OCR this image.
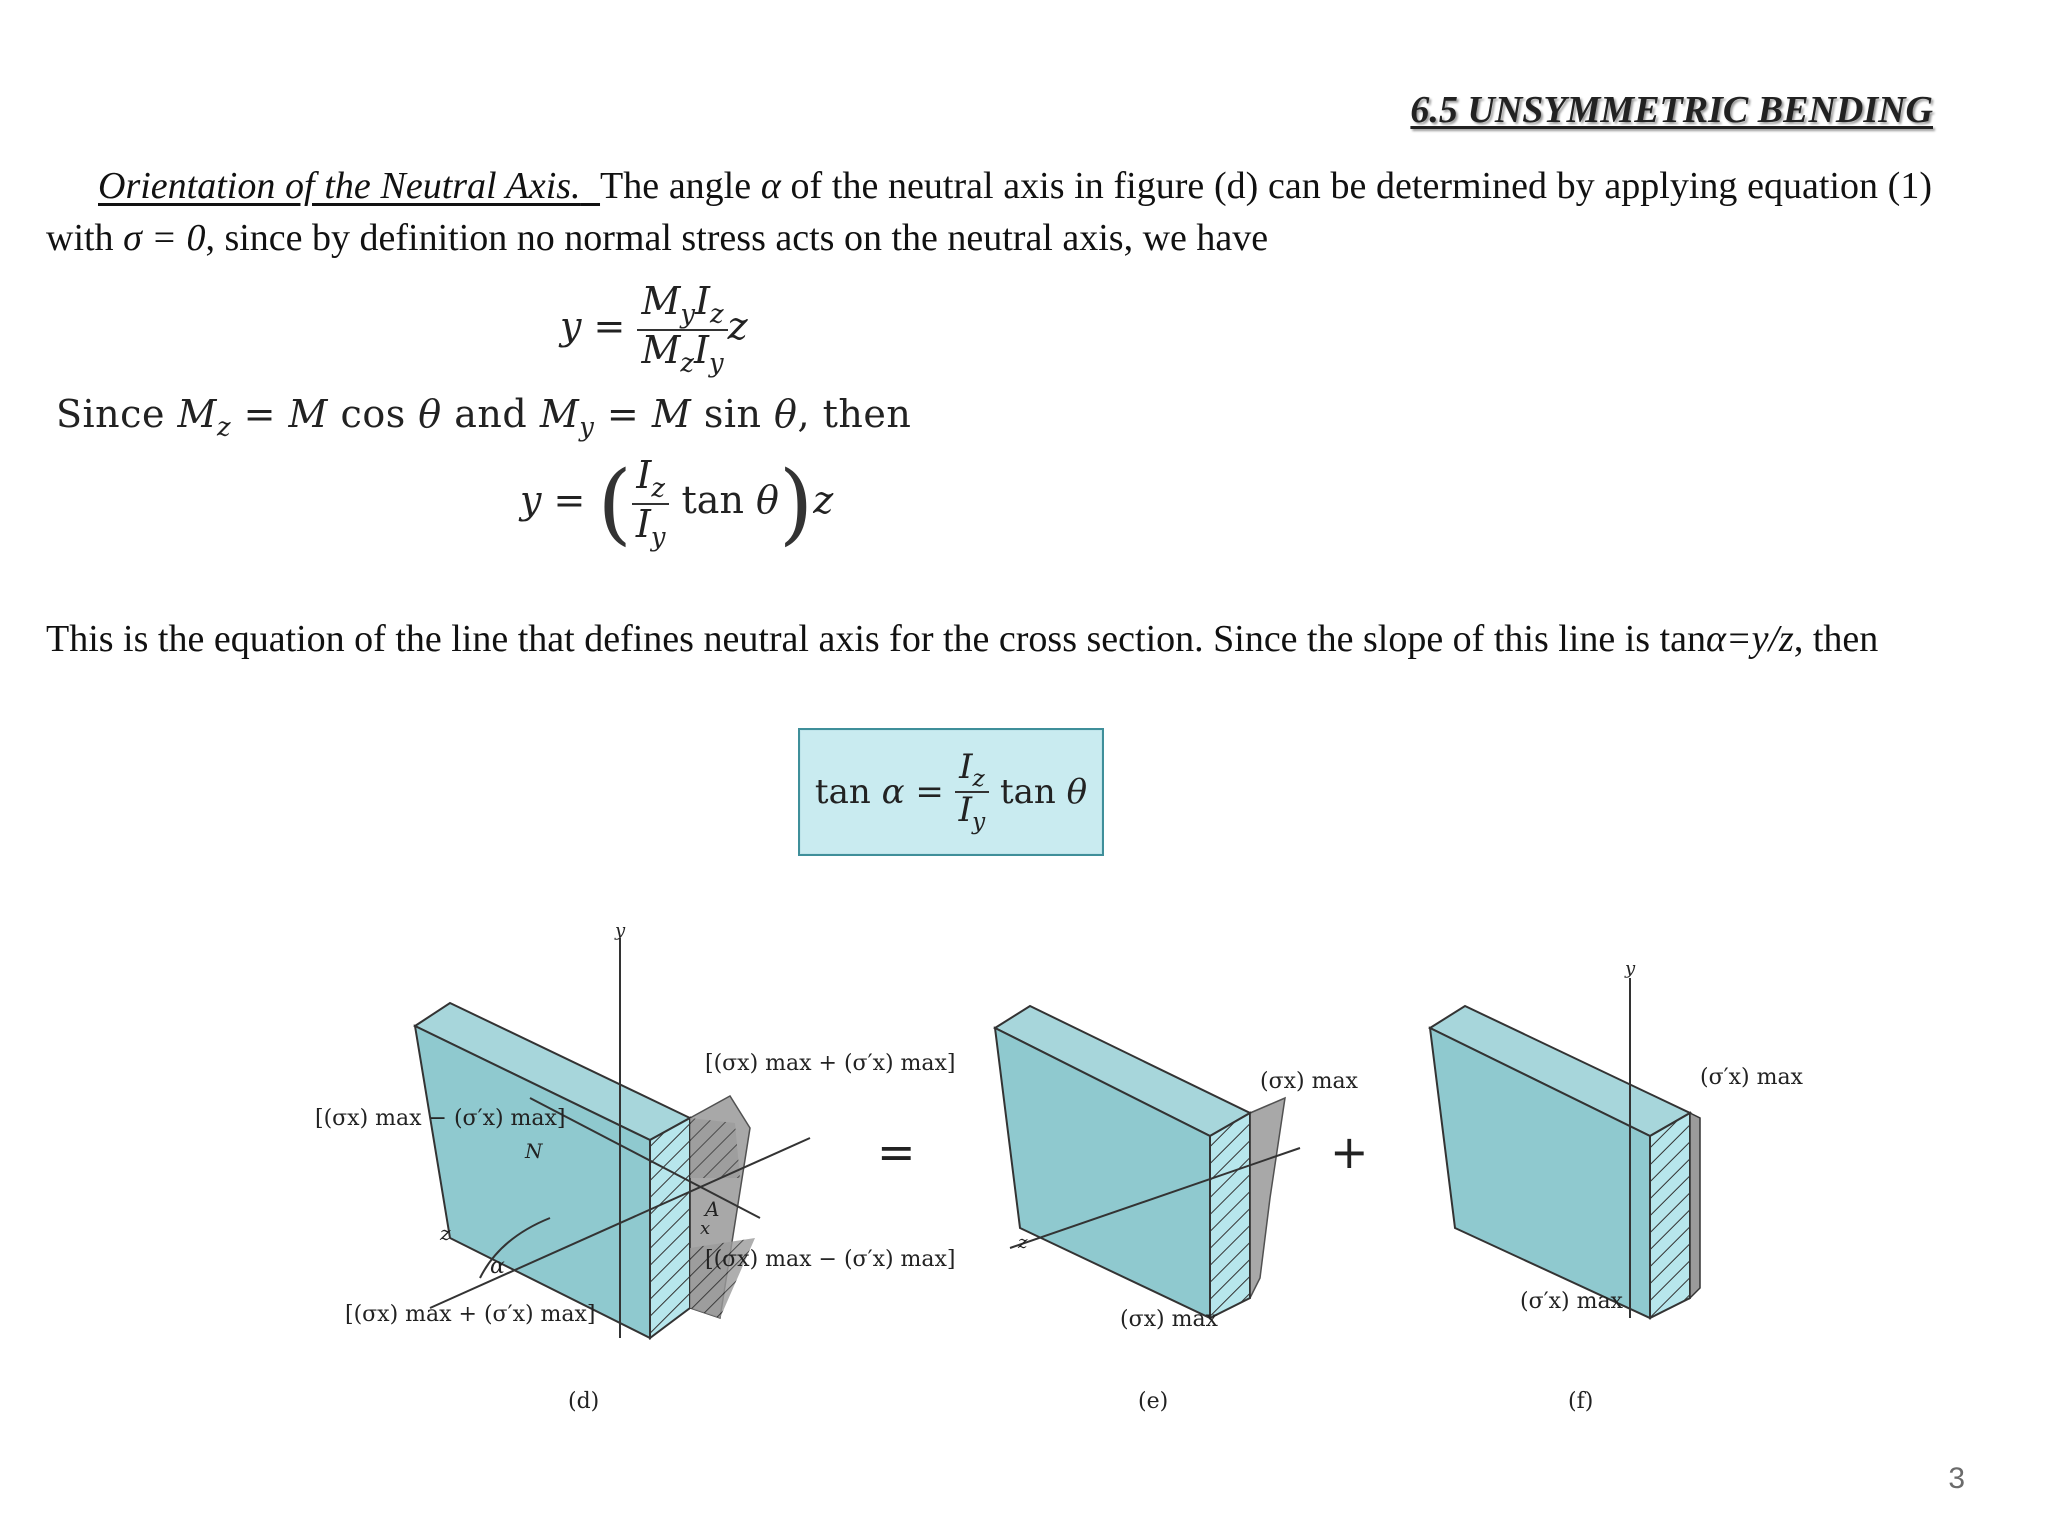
6.5 UNSYMMETRIC BENDING
Orientation of the Neutral Axis. The angle α of the neutral axis in figure (d) can be determined by applying equation (1) with σ = 0, since by definition no normal stress acts on the neutral axis, we have
$y = \frac{M_yI_z}{M_zI_y}$ z
Since $M_z = M$ cos θ and $M_y = M$ sin θ, then
y = ( $\frac{I_z}{I_y}$ tan θ)z
This is the equation of the line that defines neutral axis for the cross section. Since the slope of this line is tanα=y/z, then
$\tan \alpha = \frac{I_z}{I_y}$ tan θ
y
z
N
A
x
α
[(σx) max − (σ′x) max]
[(σx) max + (σ′x) max]
[(σx) max + (σ′x) max]
[(σx) max − (σ′x) max]
=
z
(σx) max
(σx) max
+
y
(σ′x) max
(σ′x) max
(d)	(e)	(f)
3
